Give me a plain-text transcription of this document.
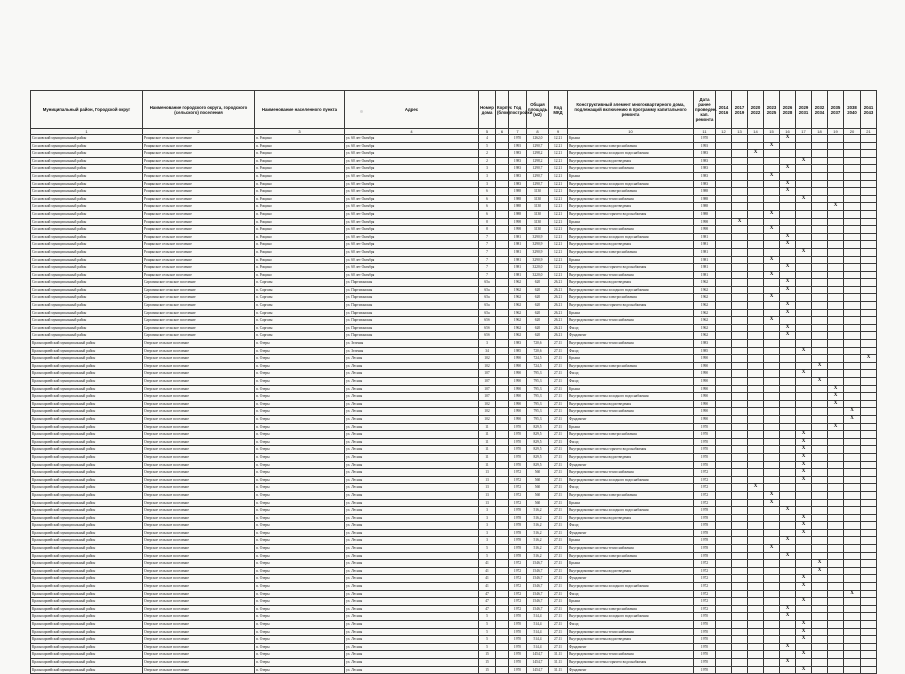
Муниципальный район, Городской округ	Наименование городского округа, городского (сельского) поселения	Наименование населенного пункта	Адрес	Номер дома	Корпус (блок)	Год постройки	Общая площадь (м2)	Код МКД	Конструктивный элемент многоквартирного дома, подлежащий включению в программу капитального ремонта	Дата ранее проведен. кап. ремонта	2014 2016	2017 2019	2020 2022	2023 2025	2026 2028	2029 2031	2032 2034	2035 2037	2038 2040	2041 2043
1	2	3	4	5	6	7	8	9	10	11	12	13	14	15	16	17	18	19	20	21
Сосновский муниципальный район	Рощинское сельское поселение	п. Рощино	ул. 60 лет Октября	4		1970	1262,0	12.21	Крыша	1970					X					
Сосновский муниципальный район	Рощинское сельское поселение	п. Рощино	ул. 60 лет Октября	5		1993	1290,7	12.21	Внутридомовые системы электроснабжения	1993				X						
Сосновский муниципальный район	Рощинское сельское поселение	п. Рощино	ул. 60 лет Октября	2		1983	1298,2	12.21	Внутридомовые системы холодного водоснабжения	1983			X							
Сосновский муниципальный район	Рощинское сельское поселение	п. Рощино	ул. 60 лет Октября	2		1983	1298,2	12.21	Внутридомовые системы водоотведения	1983						X				
Сосновский муниципальный район	Рощинское сельское поселение	п. Рощино	ул. 60 лет Октября	3		1983	1290,7	12.21	Внутридомовые системы теплоснабжения	1983					X					
Сосновский муниципальный район	Рощинское сельское поселение	п. Рощино	ул. 60 лет Октября	3		1983	1290,7	12.21	Крыша	1983				X						
Сосновский муниципальный район	Рощинское сельское поселение	п. Рощино	ул. 60 лет Октября	3		1983	1290,7	12.21	Внутридомовые системы холодного водоснабжения	1983					X					
Сосновский муниципальный район	Рощинское сельское поселение	п. Рощино	ул. 60 лет Октября	6		1988	3130	12.21	Внутридомовые системы электроснабжения	1988					X					
Сосновский муниципальный район	Рощинское сельское поселение	п. Рощино	ул. 60 лет Октября	6		1988	3130	12.21	Внутридомовые системы теплоснабжения	1988						X				
Сосновский муниципальный район	Рощинское сельское поселение	п. Рощино	ул. 60 лет Октября	6		1988	3130	12.21	Внутридомовые системы водоотведения	1988								X		
Сосновский муниципальный район	Рощинское сельское поселение	п. Рощино	ул. 60 лет Октября	6		1988	3130	12.21	Внутридомовые системы горячего водоснабжения	1988				X						
Сосновский муниципальный район	Рощинское сельское поселение	п. Рощино	ул. 60 лет Октября	8		1998	3130	12.21	Крыша	1998		X								
Сосновский муниципальный район	Рощинское сельское поселение	п. Рощино	ул. 60 лет Октября	8		1998	3130	12.21	Внутридомовые системы теплоснабжения	1998				X						
Сосновский муниципальный район	Рощинское сельское поселение	п. Рощино	ул. 60 лет Октября	7		1981	3290,9	12.21	Внутридомовые системы холодного водоснабжения	1981					X					
Сосновский муниципальный район	Рощинское сельское поселение	п. Рощино	ул. 60 лет Октября	7		1981	3290,9	12.21	Внутридомовые системы водоотведения	1981					X					
Сосновский муниципальный район	Рощинское сельское поселение	п. Рощино	ул. 60 лет Октября	7		1981	3290,9	12.21	Внутридомовые системы электроснабжения	1981						X				
Сосновский муниципальный район	Рощинское сельское поселение	п. Рощино	ул. 60 лет Октября	7		1981	3290,9	12.21	Крыша	1981				X						
Сосновский муниципальный район	Рощинское сельское поселение	п. Рощино	ул. 60 лет Октября	7		1981	3220,0	12.21	Внутридомовые системы горячего водоснабжения	1981					X					
Сосновский муниципальный район	Рощинское сельское поселение	п. Рощино	ул. 60 лет Октября	7		1981	3220,0	12.21	Внутридомовые системы теплоснабжения	1981				X						
Сосновский муниципальный район	Саргазинское сельское поселение	п. Саргазы	ул. Партизанская	65а		1962	620	26.21	Внутридомовые системы водоотведения	1962					X					
Сосновский муниципальный район	Саргазинское сельское поселение	п. Саргазы	ул. Партизанская	65а		1962	620	26.21	Внутридомовые системы холодного водоснабжения	1962					X					
Сосновский муниципальный район	Саргазинское сельское поселение	п. Саргазы	ул. Партизанская	65а		1962	620	26.21	Внутридомовые системы электроснабжения	1962				X						
Сосновский муниципальный район	Саргазинское сельское поселение	п. Саргазы	ул. Партизанская	65а		1962	620	26.21	Внутридомовые системы горячего водоснабжения	1962					X					
Сосновский муниципальный район	Саргазинское сельское поселение	п. Саргазы	ул. Партизанская	65а		1962	620	26.21	Крыша	1962					X					
Сосновский муниципальный район	Саргазинское сельское поселение	п. Саргазы	ул. Партизанская	65б		1962	620	26.21	Внутридомовые системы теплоснабжения	1962				X						
Сосновский муниципальный район	Саргазинское сельское поселение	п. Саргазы	ул. Партизанская	65б		1962	620	26.21	Фасад	1962					X					
Сосновский муниципальный район	Саргазинское сельское поселение	п. Саргазы	ул. Партизанская	65б		1962	620	26.21	Фундамент	1962					X					
Красноармейский муниципальный район	Озерское сельское поселение	п. Озеры	ул. Зеленая	3		1983	720,6	27.11	Внутридомовые системы теплоснабжения	1983										
Красноармейский муниципальный район	Озерское сельское поселение	п. Озеры	ул. Зеленая	34		1985	720,6	27.11	Фасад	1985						X				
Красноармейский муниципальный район	Озерское сельское поселение	п. Озеры	ул. Лесная	102		1990	724,5	27.11	Крыша	1990										X
Красноармейский муниципальный район	Озерское сельское поселение	п. Озеры	ул. Лесная	102		1990	724,5	27.11	Внутридомовые системы электроснабжения	1990							X			
Красноармейский муниципальный район	Озерское сельское поселение	п. Озеры	ул. Лесная	107		1990	795,3	27.11	Фасад	1990						X				
Красноармейский муниципальный район	Озерское сельское поселение	п. Озеры	ул. Лесная	107		1990	795,3	27.11	Фасад	1990							X			
Красноармейский муниципальный район	Озерское сельское поселение	п. Озеры	ул. Лесная	107		1990	795,3	27.11	Крыша	1990								X		
Красноармейский муниципальный район	Озерское сельское поселение	п. Озеры	ул. Лесная	107		1990	795,3	27.11	Внутридомовые системы холодного водоснабжения	1990								X		
Красноармейский муниципальный район	Озерское сельское поселение	п. Озеры	ул. Лесная	102		1990	795,3	27.11	Внутридомовые системы водоотведения	1990								X		
Красноармейский муниципальный район	Озерское сельское поселение	п. Озеры	ул. Лесная	102		1990	795,3	27.11	Внутридомовые системы теплоснабжения	1990									X	
Красноармейский муниципальный район	Озерское сельское поселение	п. Озеры	ул. Лесная	102		1990	795,3	27.11	Фундамент	1990									X	
Красноармейский муниципальный район	Озерское сельское поселение	п. Озеры	ул. Лесная	11		1970	829,5	27.11	Крыша	1970								X		
Красноармейский муниципальный район	Озерское сельское поселение	п. Озеры	ул. Лесная	11		1970	829,5	27.11	Внутридомовые системы электроснабжения	1970						X				
Красноармейский муниципальный район	Озерское сельское поселение	п. Озеры	ул. Лесная	11		1970	829,5	27.11	Фасад	1970						X				
Красноармейский муниципальный район	Озерское сельское поселение	п. Озеры	ул. Лесная	11		1970	829,5	27.11	Внутридомовые системы горячего водоснабжения	1970						X				
Красноармейский муниципальный район	Озерское сельское поселение	п. Озеры	ул. Лесная	11		1970	829,5	27.11	Внутридомовые системы водоотведения	1970						X				
Красноармейский муниципальный район	Озерское сельское поселение	п. Озеры	ул. Лесная	11		1970	829,5	27.11	Фундамент	1970						X				
Красноармейский муниципальный район	Озерское сельское поселение	п. Озеры	ул. Лесная	13		1972	560	27.11	Внутридомовые системы теплоснабжения	1972						X				
Красноармейский муниципальный район	Озерское сельское поселение	п. Озеры	ул. Лесная	13		1972	560	27.11	Внутридомовые системы холодного водоснабжения	1972						X				
Красноармейский муниципальный район	Озерское сельское поселение	п. Озеры	ул. Лесная	13		1972	560	27.11	Фасад	1972			X							
Красноармейский муниципальный район	Озерское сельское поселение	п. Озеры	ул. Лесная	13		1972	560	27.11	Внутридомовые системы электроснабжения	1972				X						
Красноармейский муниципальный район	Озерское сельское поселение	п. Озеры	ул. Лесная	13		1972	560	27.11	Крыша	1972				X						
Красноармейский муниципальный район	Озерское сельское поселение	п. Озеры	ул. Лесная	3		1978	516,2	27.11	Внутридомовые системы холодного водоснабжения	1978					X					
Красноармейский муниципальный район	Озерское сельское поселение	п. Озеры	ул. Лесная	3		1978	516,2	27.11	Внутридомовые системы водоотведения	1978						X				
Красноармейский муниципальный район	Озерское сельское поселение	п. Озеры	ул. Лесная	3		1978	516,2	27.11	Фасад	1978						X				
Красноармейский муниципальный район	Озерское сельское поселение	п. Озеры	ул. Лесная	3		1978	516,2	27.11	Фундамент	1978						X				
Красноармейский муниципальный район	Озерское сельское поселение	п. Озеры	ул. Лесная	3		1978	516,2	27.11	Крыша	1978					X					
Красноармейский муниципальный район	Озерское сельское поселение	п. Озеры	ул. Лесная	5		1978	516,2	27.11	Внутридомовые системы теплоснабжения	1978				X						
Красноармейский муниципальный район	Озерское сельское поселение	п. Озеры	ул. Лесная	5		1978	516,2	27.11	Внутридомовые системы электроснабжения	1978					X					
Красноармейский муниципальный район	Озерское сельское поселение	п. Озеры	ул. Лесная	41		1972	1546,7	27.11	Крыша	1972							X			
Красноармейский муниципальный район	Озерское сельское поселение	п. Озеры	ул. Лесная	41		1972	1546,7	27.11	Внутридомовые системы водоотведения	1972							X			
Красноармейский муниципальный район	Озерское сельское поселение	п. Озеры	ул. Лесная	41		1972	1546,7	27.11	Фундамент	1972						X				
Красноармейский муниципальный район	Озерское сельское поселение	п. Озеры	ул. Лесная	41		1972	1546,7	27.11	Внутридомовые системы холодного водоснабжения	1972						X				
Красноармейский муниципальный район	Озерское сельское поселение	п. Озеры	ул. Лесная	47		1972	1546,7	27.11	Фасад	1972									X	
Красноармейский муниципальный район	Озерское сельское поселение	п. Озеры	ул. Лесная	47		1972	1546,7	27.11	Крыша	1972						X				
Красноармейский муниципальный район	Озерское сельское поселение	п. Озеры	ул. Лесная	47		1972	1546,7	27.11	Внутридомовые системы электроснабжения	1972					X					
Красноармейский муниципальный район	Озерское сельское поселение	п. Озеры	ул. Лесная	5		1970	514,4	27.11	Внутридомовые системы холодного водоснабжения	1970					X					
Красноармейский муниципальный район	Озерское сельское поселение	п. Озеры	ул. Лесная	5		1970	514,4	27.11	Фасад	1970						X				
Красноармейский муниципальный район	Озерское сельское поселение	п. Озеры	ул. Лесная	5		1970	514,4	27.11	Внутридомовые системы теплоснабжения	1970						X				
Красноармейский муниципальный район	Озерское сельское поселение	п. Озеры	ул. Лесная	5		1970	514,4	27.11	Внутридомовые системы водоотведения	1970						X				
Красноармейский муниципальный район	Озерское сельское поселение	п. Озеры	ул. Лесная	5		1970	514,4	27.11	Фундамент	1970					X					
Красноармейский муниципальный район	Озерское сельское поселение	п. Озеры	ул. Лесная	15		1970	1454,7	31.11	Внутридомовые системы теплоснабжения	1970						X				
Красноармейский муниципальный район	Озерское сельское поселение	п. Озеры	ул. Лесная	15		1970	1454,7	31.11	Внутридомовые системы горячего водоснабжения	1970					X					
Красноармейский муниципальный район	Озерское сельское поселение	п. Озеры	ул. Лесная	15		1970	1454,7	31.11	Фундамент	1970						X				
